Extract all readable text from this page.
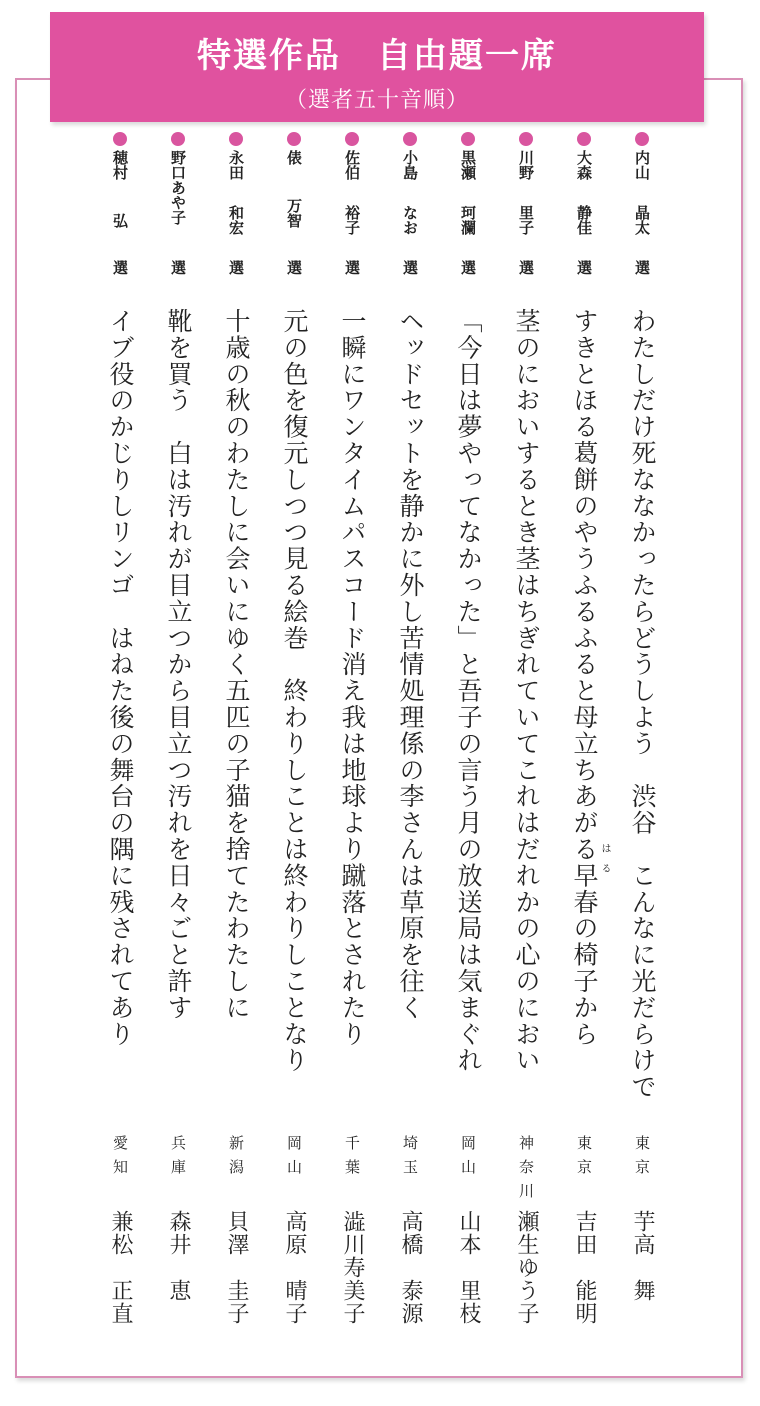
特選作品　自由題一席
（選者五十音順）
内山
晶太
選
わたしだけ死ななかったらどうしよう　渋谷　こんなに光だらけで
東京
芋高　舞
大森
静佳
選
すきとほる葛餅のやうふるふると母立ちあがる早春の椅子から
東京
吉田　能明
はる
川野
里子
選
茎のにおいするとき茎はちぎれていてこれはだれかの心のにおい
神奈川
瀬生ゆう子
黒瀬
珂瀾
選
「今日は夢やってなかった」と吾子の言う月の放送局は気まぐれ
岡山
山本　里枝
小島
なお
選
ヘッドセットを静かに外し苦情処理係の李さんは草原を往く
埼玉
高橋　泰源
佐伯
裕子
選
一瞬にワンタイムパスコード消え我は地球より蹴落とされたり
千葉
澁川寿美子
俵
万智
選
元の色を復元しつつ見る絵巻　終わりしことは終わりしことなり
岡山
高原　晴子
永田
和宏
選
十歳の秋のわたしに会いにゆく五匹の子猫を捨てたわたしに
新潟
貝澤　圭子
野口あや子
選
靴を買う　白は汚れが目立つから目立つ汚れを日々ごと許す
兵庫
森井　恵
穂村
弘
選
イブ役のかじりしリンゴ　はねた後の舞台の隅に残されてあり
愛知
兼松　正直
